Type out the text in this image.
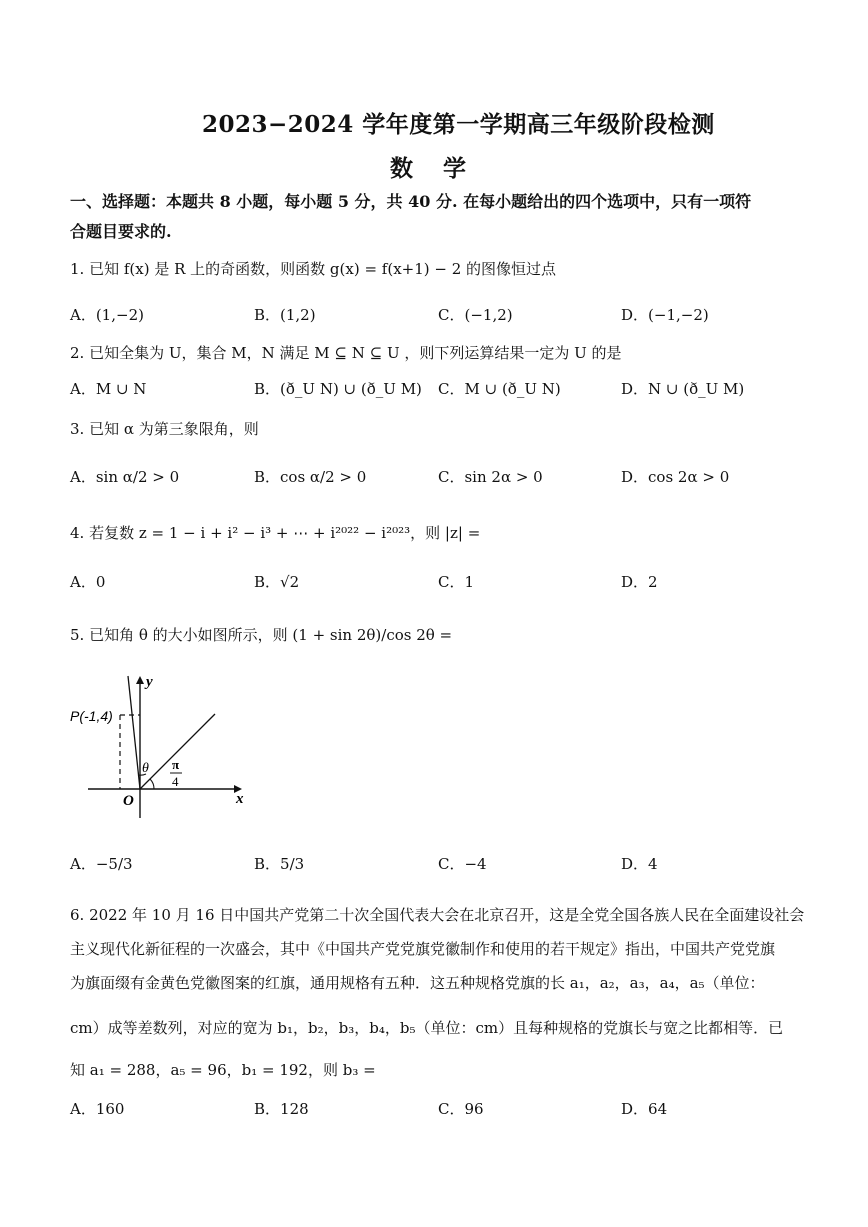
2023−2024 学年度第一学期高三年级阶段检测
数学
一、选择题：本题共 8 小题，每小题 5 分，共 40 分. 在每小题给出的四个选项中，只有一项符
合题目要求的.
1. 已知 f(x) 是 R 上的奇函数，则函数 g(x) = f(x+1) − 2 的图像恒过点
A．(1,−2)	B．(1,2)	C．(−1,2)	D．(−1,−2)
2. 已知全集为 U，集合 M，N 满足 M ⊆ N ⊆ U ，则下列运算结果一定为 U 的是
A．M ∪ N	B．(ð_U N) ∪ (ð_U M) C．M ∪ (ð_U N)	D．N ∪ (ð_U M)
3. 已知 α 为第三象限角，则
A．sin α/2 > 0	B．cos α/2 > 0	C．sin 2α > 0	D．cos 2α > 0
4. 若复数 z = 1 − i + i² − i³ + ⋯ + i²⁰²² − i²⁰²³，则 |z| =
A．0	B．√2	C．1	D．2
5. 已知角 θ 的大小如图所示，则 (1 + sin 2θ)/cos 2θ =
P(-1,4)
y
x
O
θ π
4
A．−5/3	B．5/3	C．−4	D．4
6. 2022 年 10 月 16 日中国共产党第二十次全国代表大会在北京召开，这是全党全国各族人民在全面建设社会
主义现代化新征程的一次盛会，其中《中国共产党党旗党徽制作和使用的若干规定》指出，中国共产党党旗
为旗面缀有金黄色党徽图案的红旗，通用规格有五种．这五种规格党旗的长 a₁，a₂，a₃，a₄，a₅（单位：
cm）成等差数列，对应的宽为 b₁，b₂，b₃，b₄，b₅（单位：cm）且每种规格的党旗长与宽之比都相等．已
知 a₁ = 288，a₅ = 96，b₁ = 192，则 b₃ =
A．160	B．128	C．96	D．64
